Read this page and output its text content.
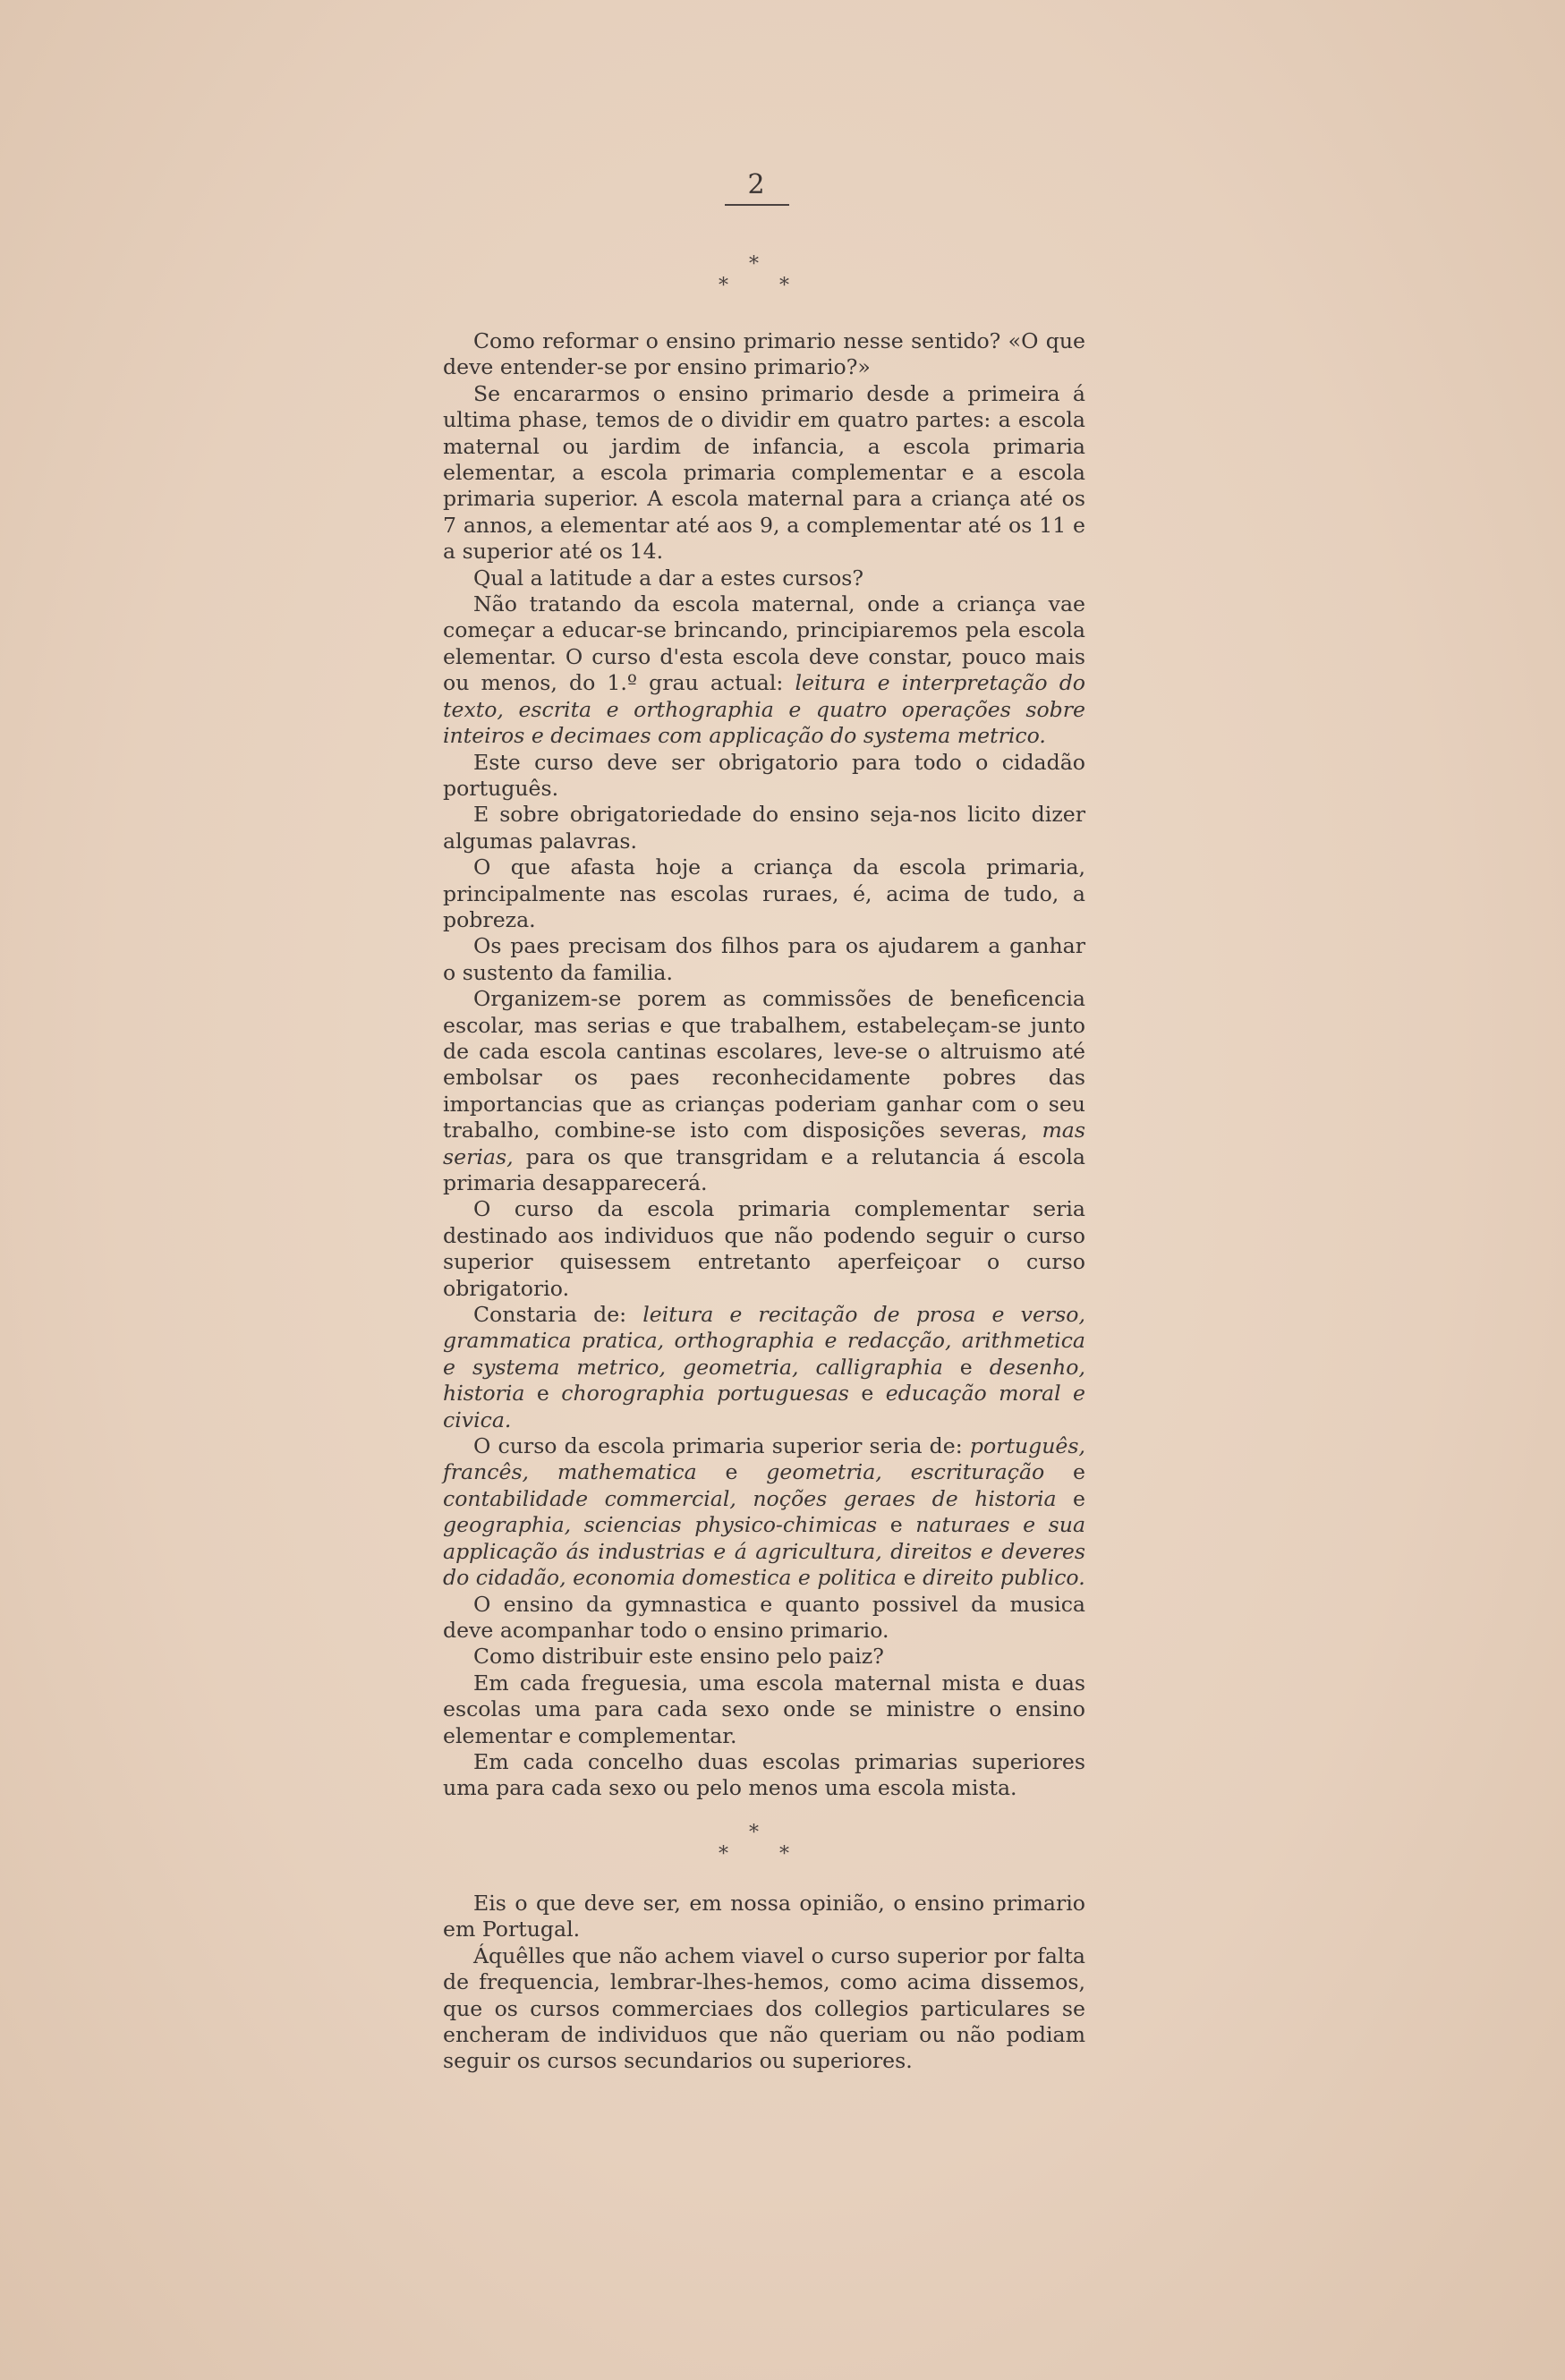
2
*
*	*

Como reformar o ensino primario nesse sentido? «O que deve entender-se por ensino primario?»

Se encararmos o ensino primario desde a primeira á ultima phase, temos de o dividir em quatro partes: a escola maternal ou jardim de infancia, a escola primaria elementar, a escola primaria complementar e a escola primaria superior. A escola maternal para a criança até os 7 annos, a elementar até aos 9, a complementar até os 11 e a superior até os 14.

Qual a latitude a dar a estes cursos?

Não tratando da escola maternal, onde a criança vae começar a educar-se brincando, principiaremos pela escola elementar. O curso d'esta escola deve constar, pouco mais ou menos, do 1.º grau actual: leitura e interpretação do texto, escrita e orthographia e quatro operações sobre inteiros e decimaes com applicação do systema metrico.

Este curso deve ser obrigatorio para todo o cidadão português.

E sobre obrigatoriedade do ensino seja-nos licito dizer algumas palavras.

O que afasta hoje a criança da escola primaria, principalmente nas escolas ruraes, é, acima de tudo, a pobreza.

Os paes precisam dos filhos para os ajudarem a ganhar o sustento da familia.

Organizem-se porem as commissões de beneficencia escolar, mas serias e que trabalhem, estabeleçam-se junto de cada escola cantinas escolares, leve-se o altruismo até embolsar os paes reconhecidamente pobres das importancias que as crianças poderiam ganhar com o seu trabalho, combine-se isto com disposições severas, mas serias, para os que transgridam e a relutancia á escola primaria desapparecerá.

O curso da escola primaria complementar seria destinado aos individuos que não podendo seguir o curso superior quisessem entretanto aperfeiçoar o curso obrigatorio.

Constaria de: leitura e recitação de prosa e verso, grammatica pratica, orthographia e redacção, arithmetica e systema metrico, geometria, calligraphia e desenho, historia e chorographia portuguesas e educação moral e civica.

O curso da escola primaria superior seria de: português, francês, mathematica e geometria, escrituração e contabilidade commercial, noções geraes de historia e geographia, sciencias physico-chimicas e naturaes e sua applicação ás industrias e á agricultura, direitos e deveres do cidadão, economia domestica e politica e direito publico.

O ensino da gymnastica e quanto possivel da musica deve acompanhar todo o ensino primario.

Como distribuir este ensino pelo paiz?

Em cada freguesia, uma escola maternal mista e duas escolas uma para cada sexo onde se ministre o ensino elementar e complementar.

Em cada concelho duas escolas primarias superiores uma para cada sexo ou pelo menos uma escola mista.

*
*	*

Eis o que deve ser, em nossa opinião, o ensino primario em Portugal.

Áquêlles que não achem viavel o curso superior por falta de frequencia, lembrar-lhes-hemos, como acima dissemos, que os cursos commerciaes dos collegios particulares se encheram de individuos que não queriam ou não podiam seguir os cursos secundarios ou superiores.
